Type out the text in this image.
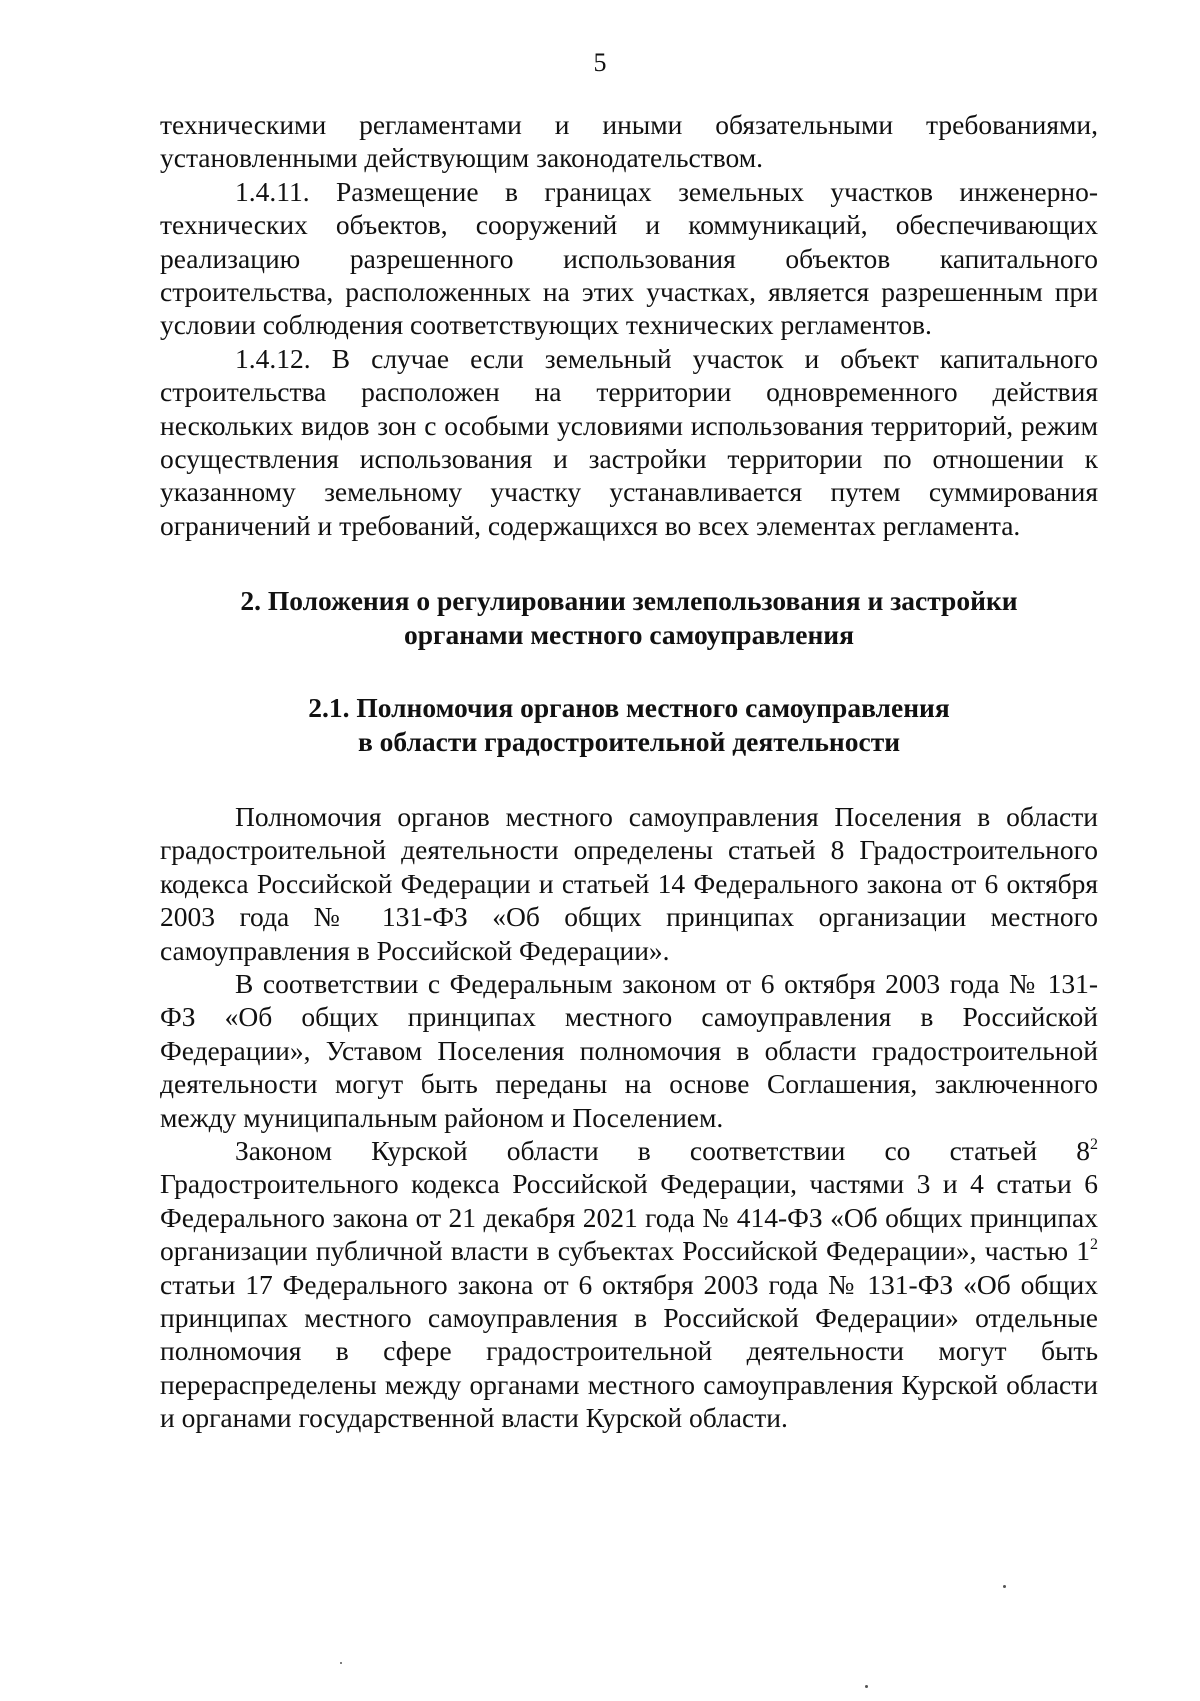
5

техническими регламентами и иными обязательными требованиями, установленными действующим законодательством.

1.4.11. Размещение в границах земельных участков инженерно-технических объектов, сооружений и коммуникаций, обеспечивающих реализацию разрешенного использования объектов капитального строительства, расположенных на этих участках, является разрешенным при условии соблюдения соответствующих технических регламентов.

1.4.12. В случае если земельный участок и объект капитального строительства расположен на территории одновременного действия нескольких видов зон с особыми условиями использования территорий, режим осуществления использования и застройки территории по отношении к указанному земельному участку устанавливается путем суммирования ограничений и требований, содержащихся во всех элементах регламента.

2. Положения о регулировании землепользования и застройки
органами местного самоуправления
2.1. Полномочия органов местного самоуправления
в области градостроительной деятельности

Полномочия органов местного самоуправления Поселения в области градостроительной деятельности определены статьей 8 Градостроительного кодекса Российской Федерации и статьей 14 Федерального закона от 6 октября 2003 года № 131-ФЗ «Об общих принципах организации местного самоуправления в Российской Федерации».

В соответствии с Федеральным законом от 6 октября 2003 года № 131-ФЗ «Об общих принципах местного самоуправления в Российской Федерации», Уставом Поселения полномочия в области градостроительной деятельности могут быть переданы на основе Соглашения, заключенного между муниципальным районом и Поселением.

Законом Курской области в соответствии со статьей $8^2$ Градостроительного кодекса Российской Федерации, частями 3 и 4 статьи 6 Федерального закона от 21 декабря 2021 года № 414-ФЗ «Об общих принципах организации публичной власти в субъектах Российской Федерации», частью $1^2$ статьи 17 Федерального закона от 6 октября 2003 года № 131-ФЗ «Об общих принципах местного самоуправления в Российской Федерации» отдельные полномочия в сфере градостроительной деятельности могут быть перераспределены между органами местного самоуправления Курской области и органами государственной власти Курской области.
